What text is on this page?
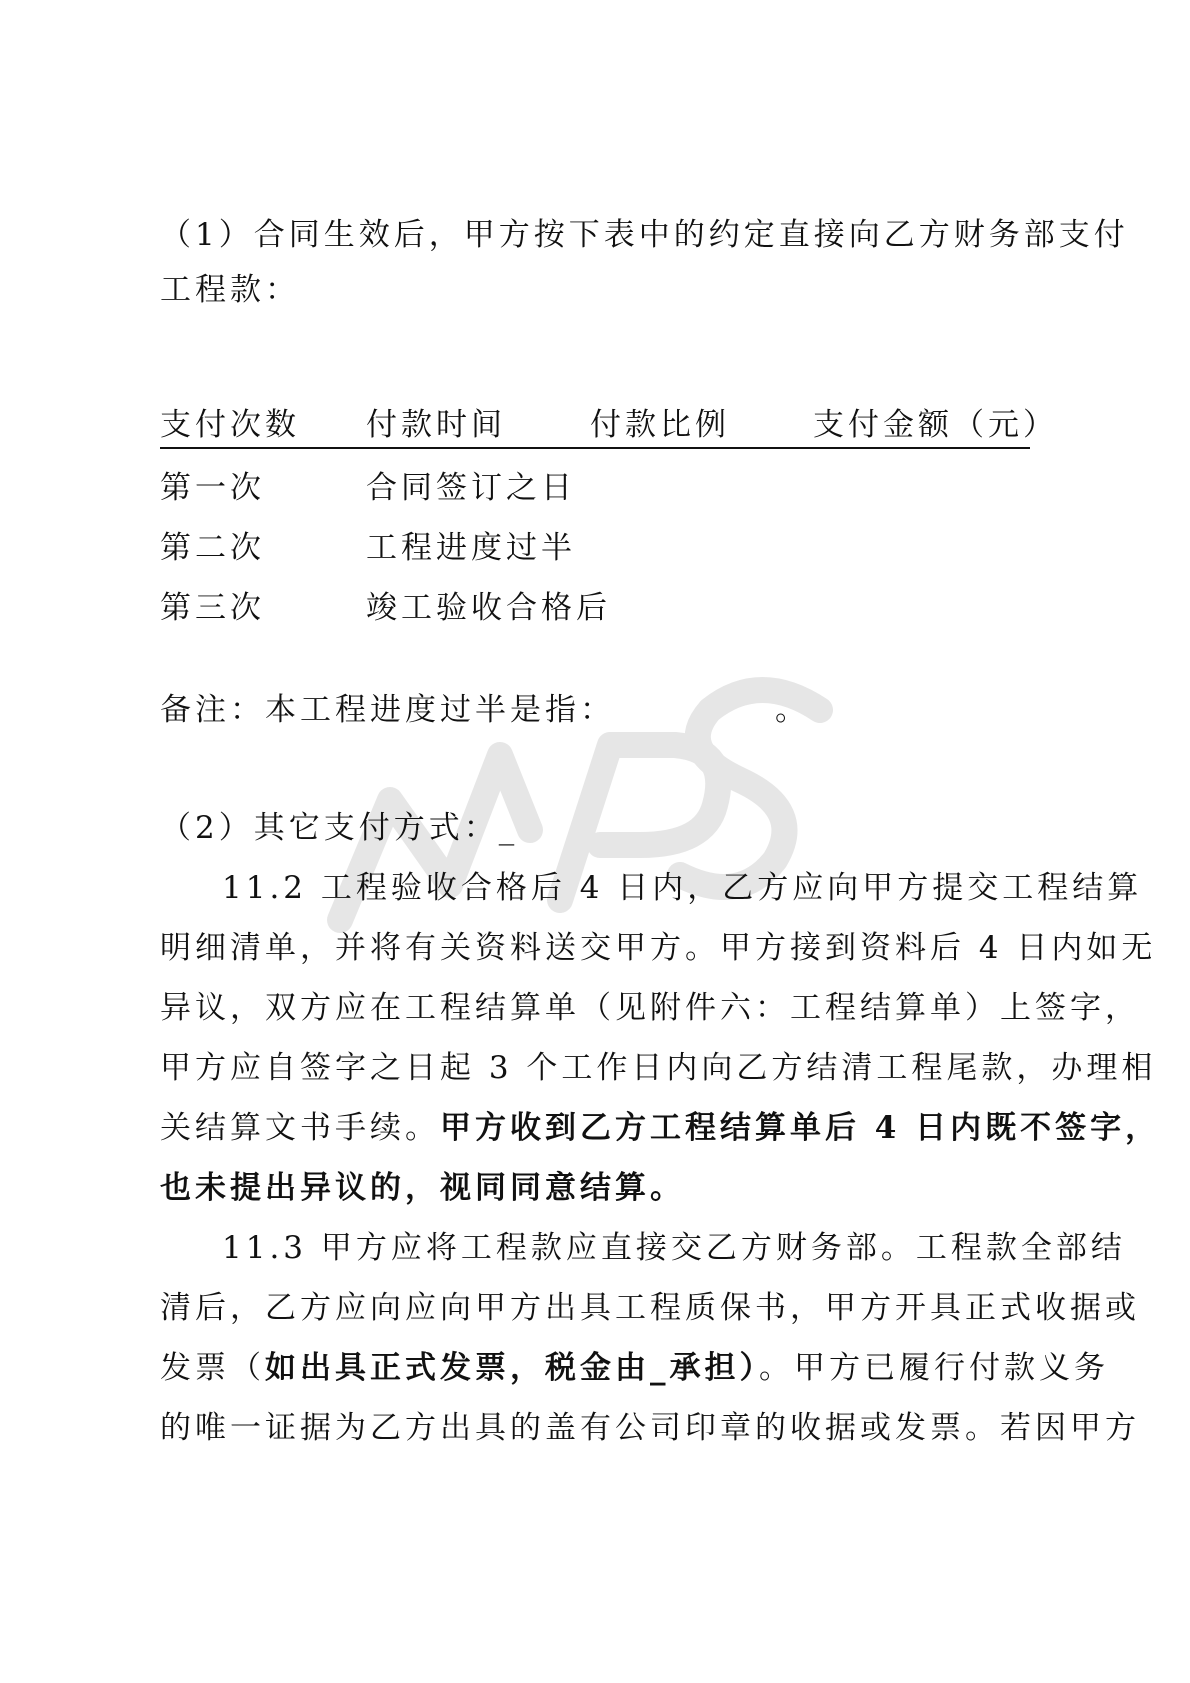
（1）合同生效后，甲方按下表中的约定直接向乙方财务部支付
工程款：
支付次数 付款时间	付款比例	支付金额（元）
第一次	合同签订之日
第二次	工程进度过半
第三次	竣工验收合格后
备注：本工程进度过半是指：	。
（2）其它支付方式：_
11.2 工程验收合格后 4 日内，乙方应向甲方提交工程结算
明细清单，并将有关资料送交甲方。甲方接到资料后 4 日内如无
异议，双方应在工程结算单（见附件六：工程结算单）上签字，
甲方应自签字之日起 3 个工作日内向乙方结清工程尾款，办理相
关结算文书手续。甲方收到乙方工程结算单后 4 日内既不签字，
也未提出异议的，视同同意结算。
11.3 甲方应将工程款应直接交乙方财务部。工程款全部结
清后，乙方应向应向甲方出具工程质保书，甲方开具正式收据或
发票（如出具正式发票，税金由_承担）。甲方已履行付款义务
的唯一证据为乙方出具的盖有公司印章的收据或发票。若因甲方
